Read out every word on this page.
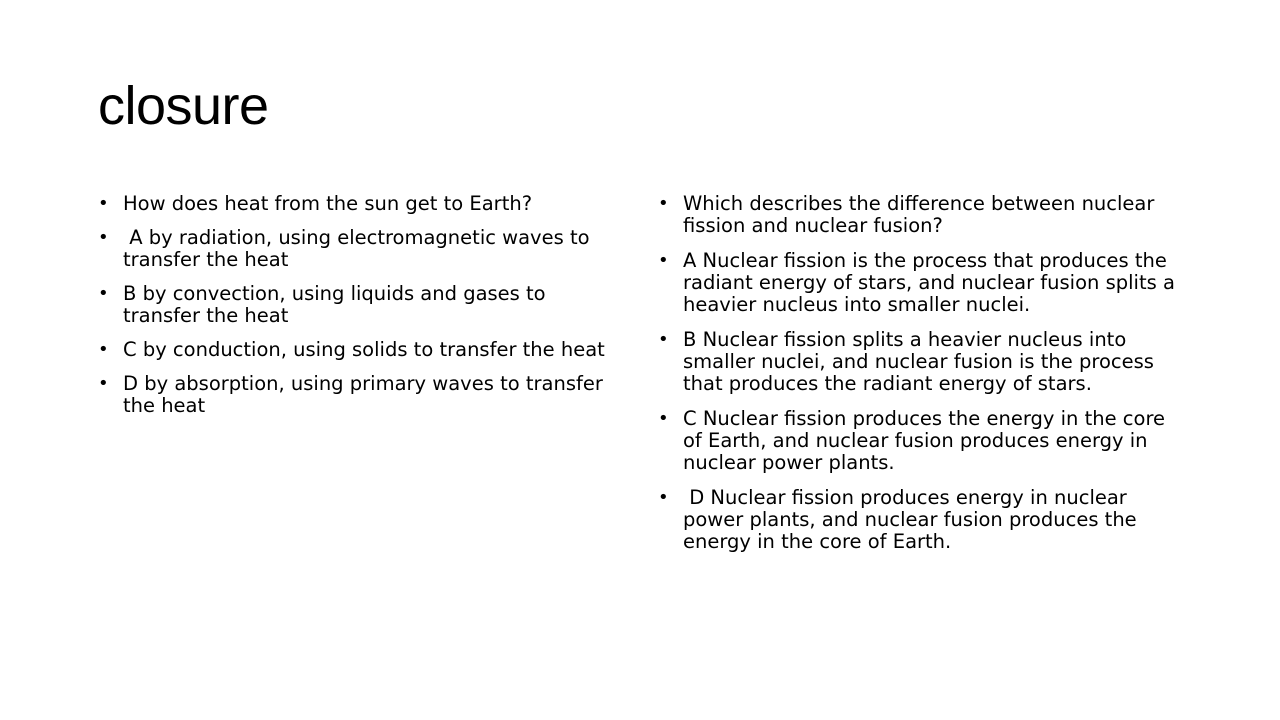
closure
• How does heat from the sun get to Earth?
• A by radiation, using electromagnetic waves to transfer the heat
• B by convection, using liquids and gases to transfer the heat
• C by conduction, using solids to transfer the heat
• D by absorption, using primary waves to transfer the heat
• Which describes the difference between nuclear fission and nuclear fusion?
• A Nuclear fission is the process that produces the radiant energy of stars, and nuclear fusion splits a heavier nucleus into smaller nuclei.
• B Nuclear fission splits a heavier nucleus into smaller nuclei, and nuclear fusion is the process that produces the radiant energy of stars.
• C Nuclear fission produces the energy in the core of Earth, and nuclear fusion produces energy in nuclear power plants.
• D Nuclear fission produces energy in nuclear power plants, and nuclear fusion produces the energy in the core of Earth.
